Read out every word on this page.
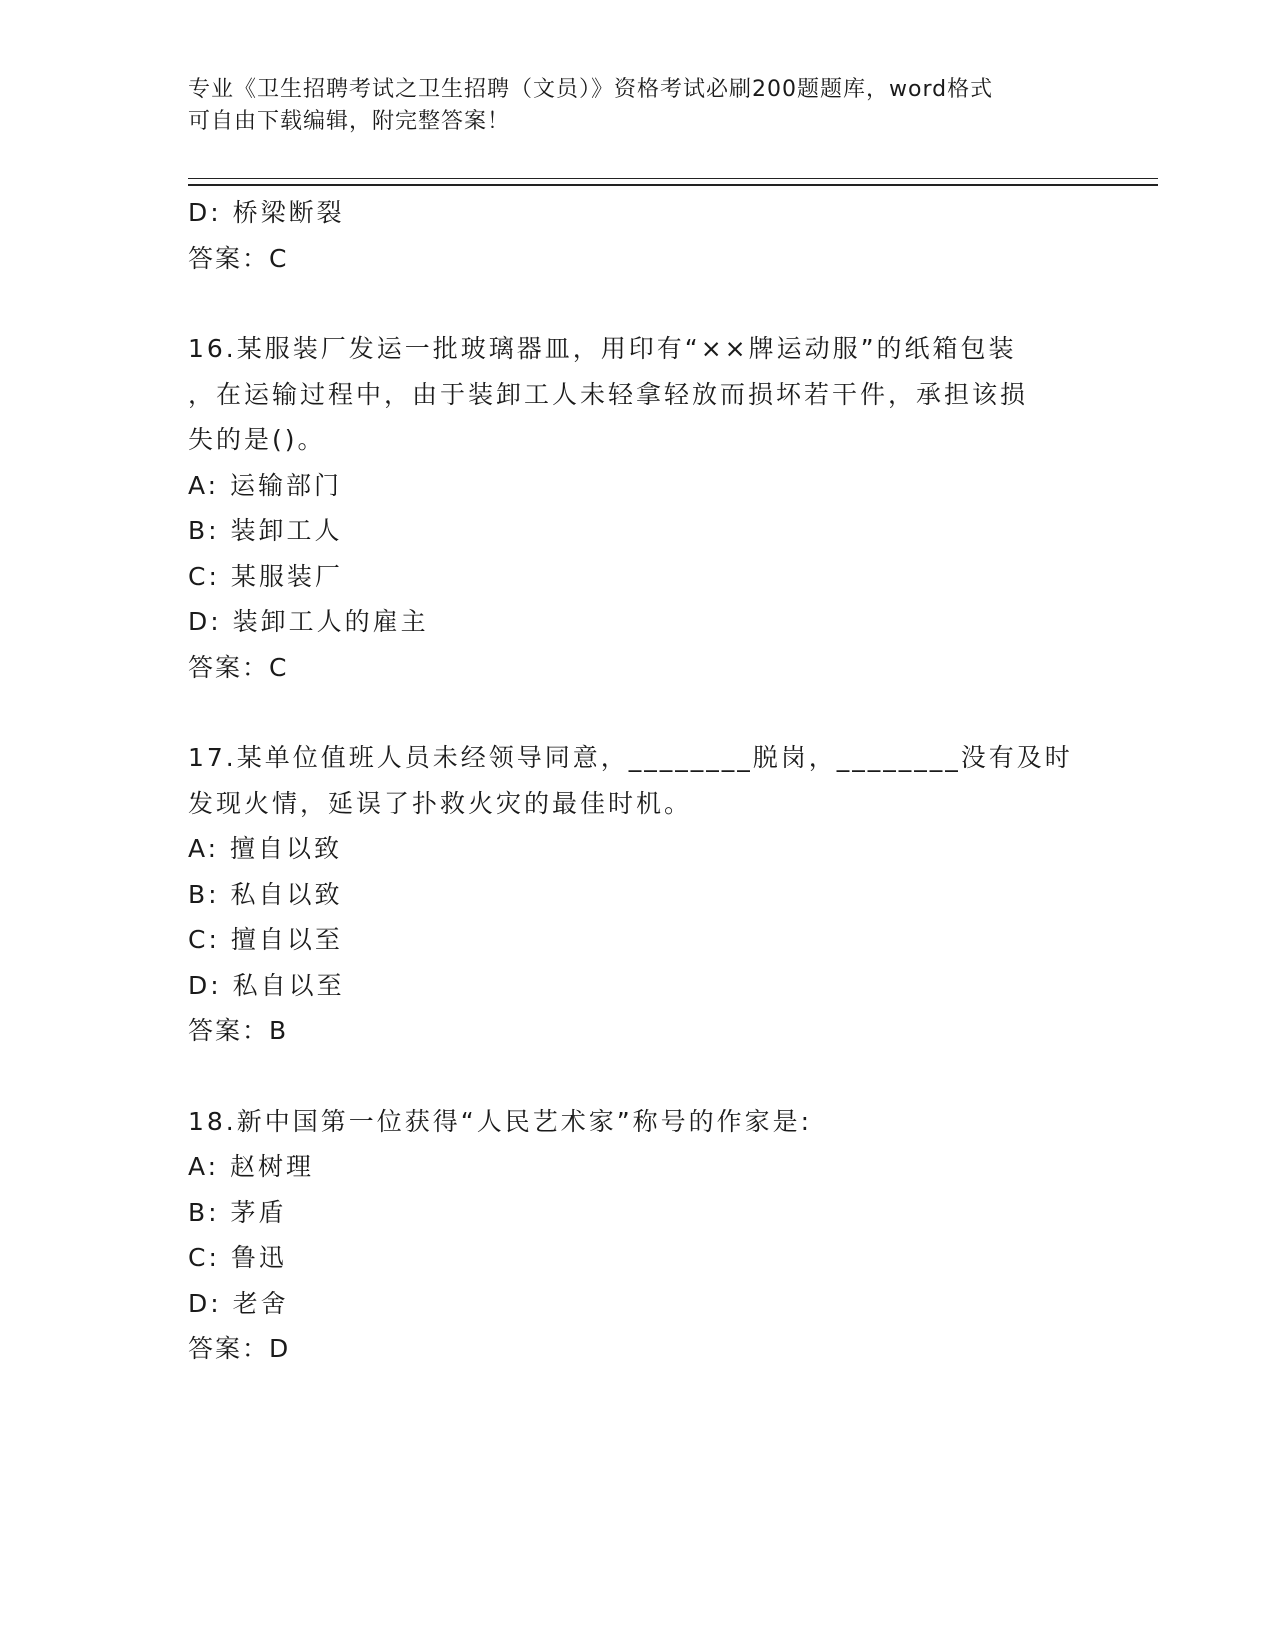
专业《卫生招聘考试之卫生招聘（文员）》资格考试必刷200题题库，word格式
可自由下载编辑，附完整答案！
D: 桥梁断裂
答案：C
16.某服装厂发运一批玻璃器皿，用印有“××牌运动服”的纸箱包装
，在运输过程中，由于装卸工人未轻拿轻放而损坏若干件，承担该损
失的是()。
A: 运输部门
B: 装卸工人
C: 某服装厂
D: 装卸工人的雇主
答案：C
17.某单位值班人员未经领导同意，________脱岗，________没有及时
发现火情，延误了扑救火灾的最佳时机。
A: 擅自以致
B: 私自以致
C: 擅自以至
D: 私自以至
答案：B
18.新中国第一位获得“人民艺术家”称号的作家是:
A: 赵树理
B: 茅盾
C: 鲁迅
D: 老舍
答案：D
